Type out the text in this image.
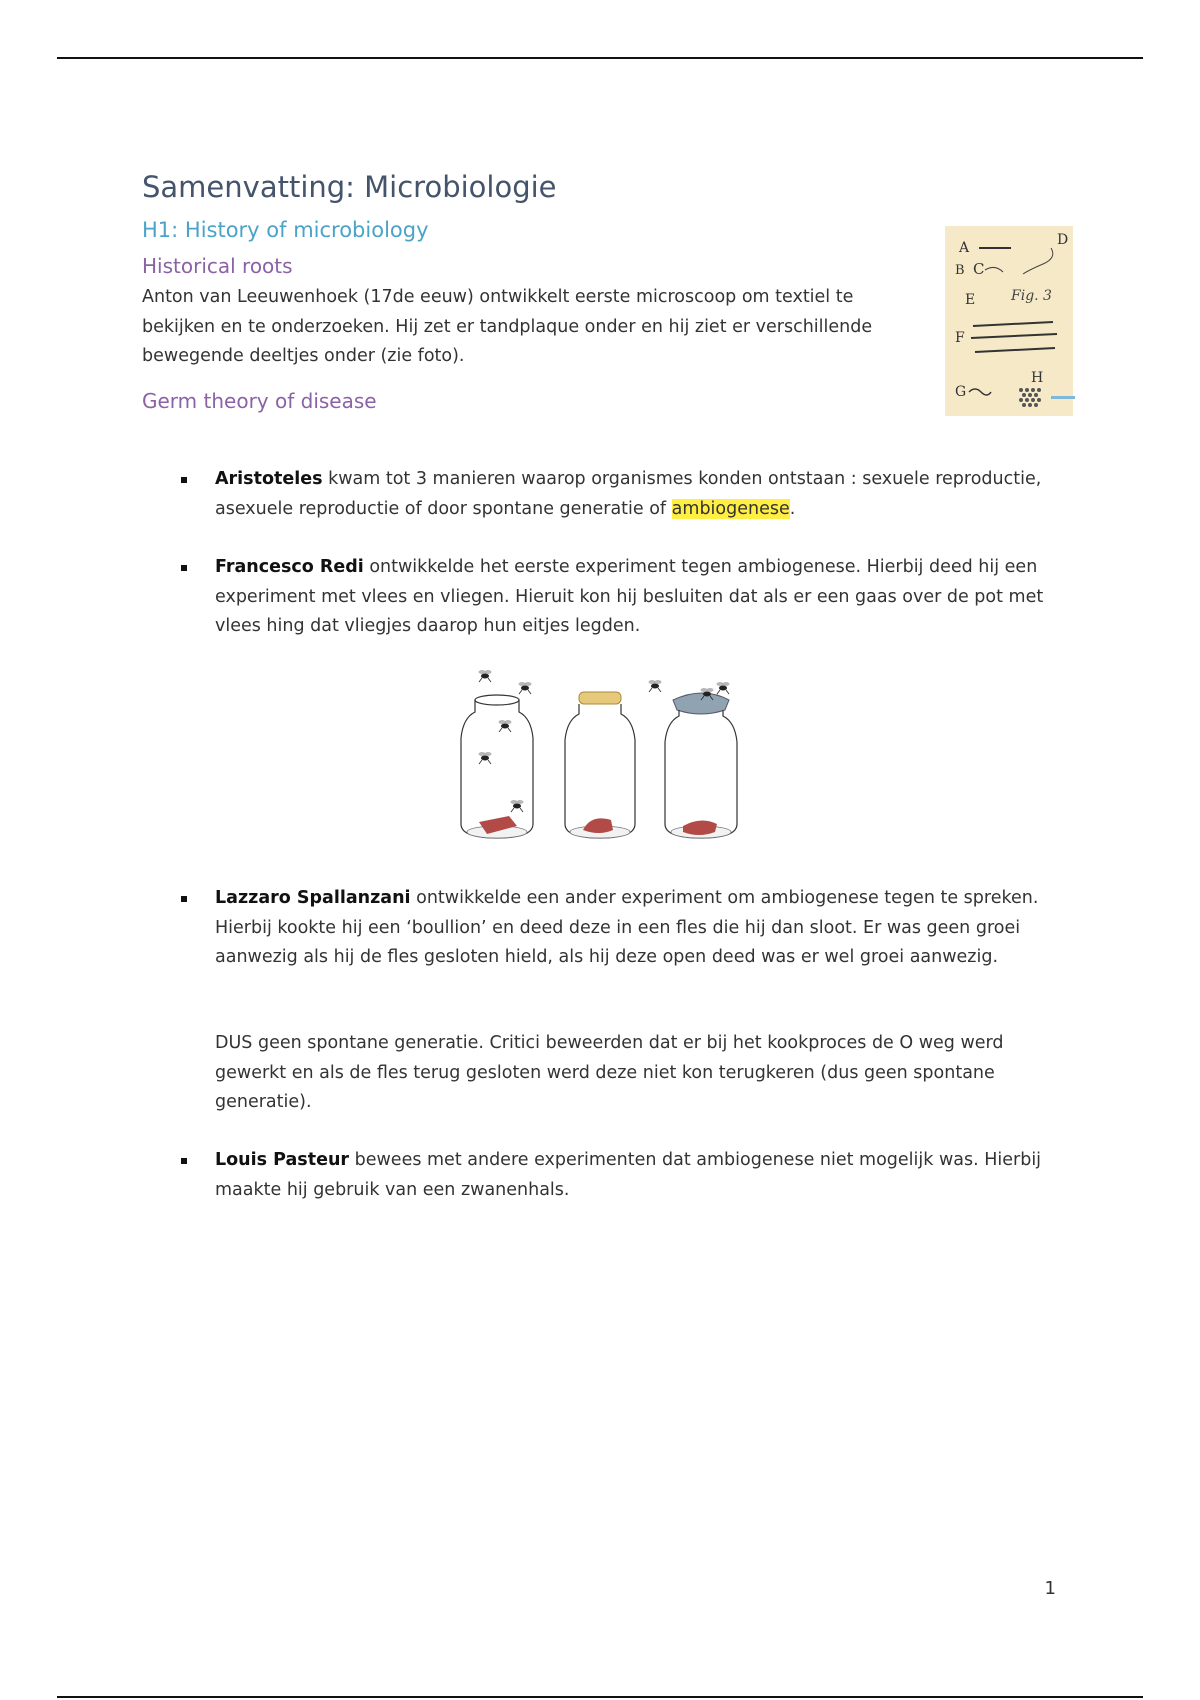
Samenvatting: Microbiologie
H1: History of microbiology
Historical roots
Anton van Leeuwenhoek (17de eeuw) ontwikkelt eerste microscoop om textiel te bekijken en te onderzoeken. Hij zet er tandplaque onder en hij ziet er verschillende bewegende deeltjes onder (zie foto).
Germ theory of disease
A	D
B C
E	Fig. 3
F
H
G
Aristoteles kwam tot 3 manieren waarop organismes konden ontstaan : sexuele reproductie, asexuele reproductie of door spontane generatie of ambiogenese.
Francesco Redi ontwikkelde het eerste experiment tegen ambiogenese. Hierbij deed hij een experiment met vlees en vliegen. Hieruit kon hij besluiten dat als er een gaas over de pot met vlees hing dat vliegjes daarop hun eitjes legden.
Lazzaro Spallanzani ontwikkelde een ander experiment om ambiogenese tegen te spreken. Hierbij kookte hij een ‘boullion’ en deed deze in een fles die hij dan sloot. Er was geen groei aanwezig als hij de fles gesloten hield, als hij deze open deed was er wel groei aanwezig.
DUS geen spontane generatie. Critici beweerden dat er bij het kookproces de O weg werd gewerkt en als de fles terug gesloten werd deze niet kon terugkeren (dus geen spontane generatie).
Louis Pasteur bewees met andere experimenten dat ambiogenese niet mogelijk was. Hierbij maakte hij gebruik van een zwanenhals.
1
